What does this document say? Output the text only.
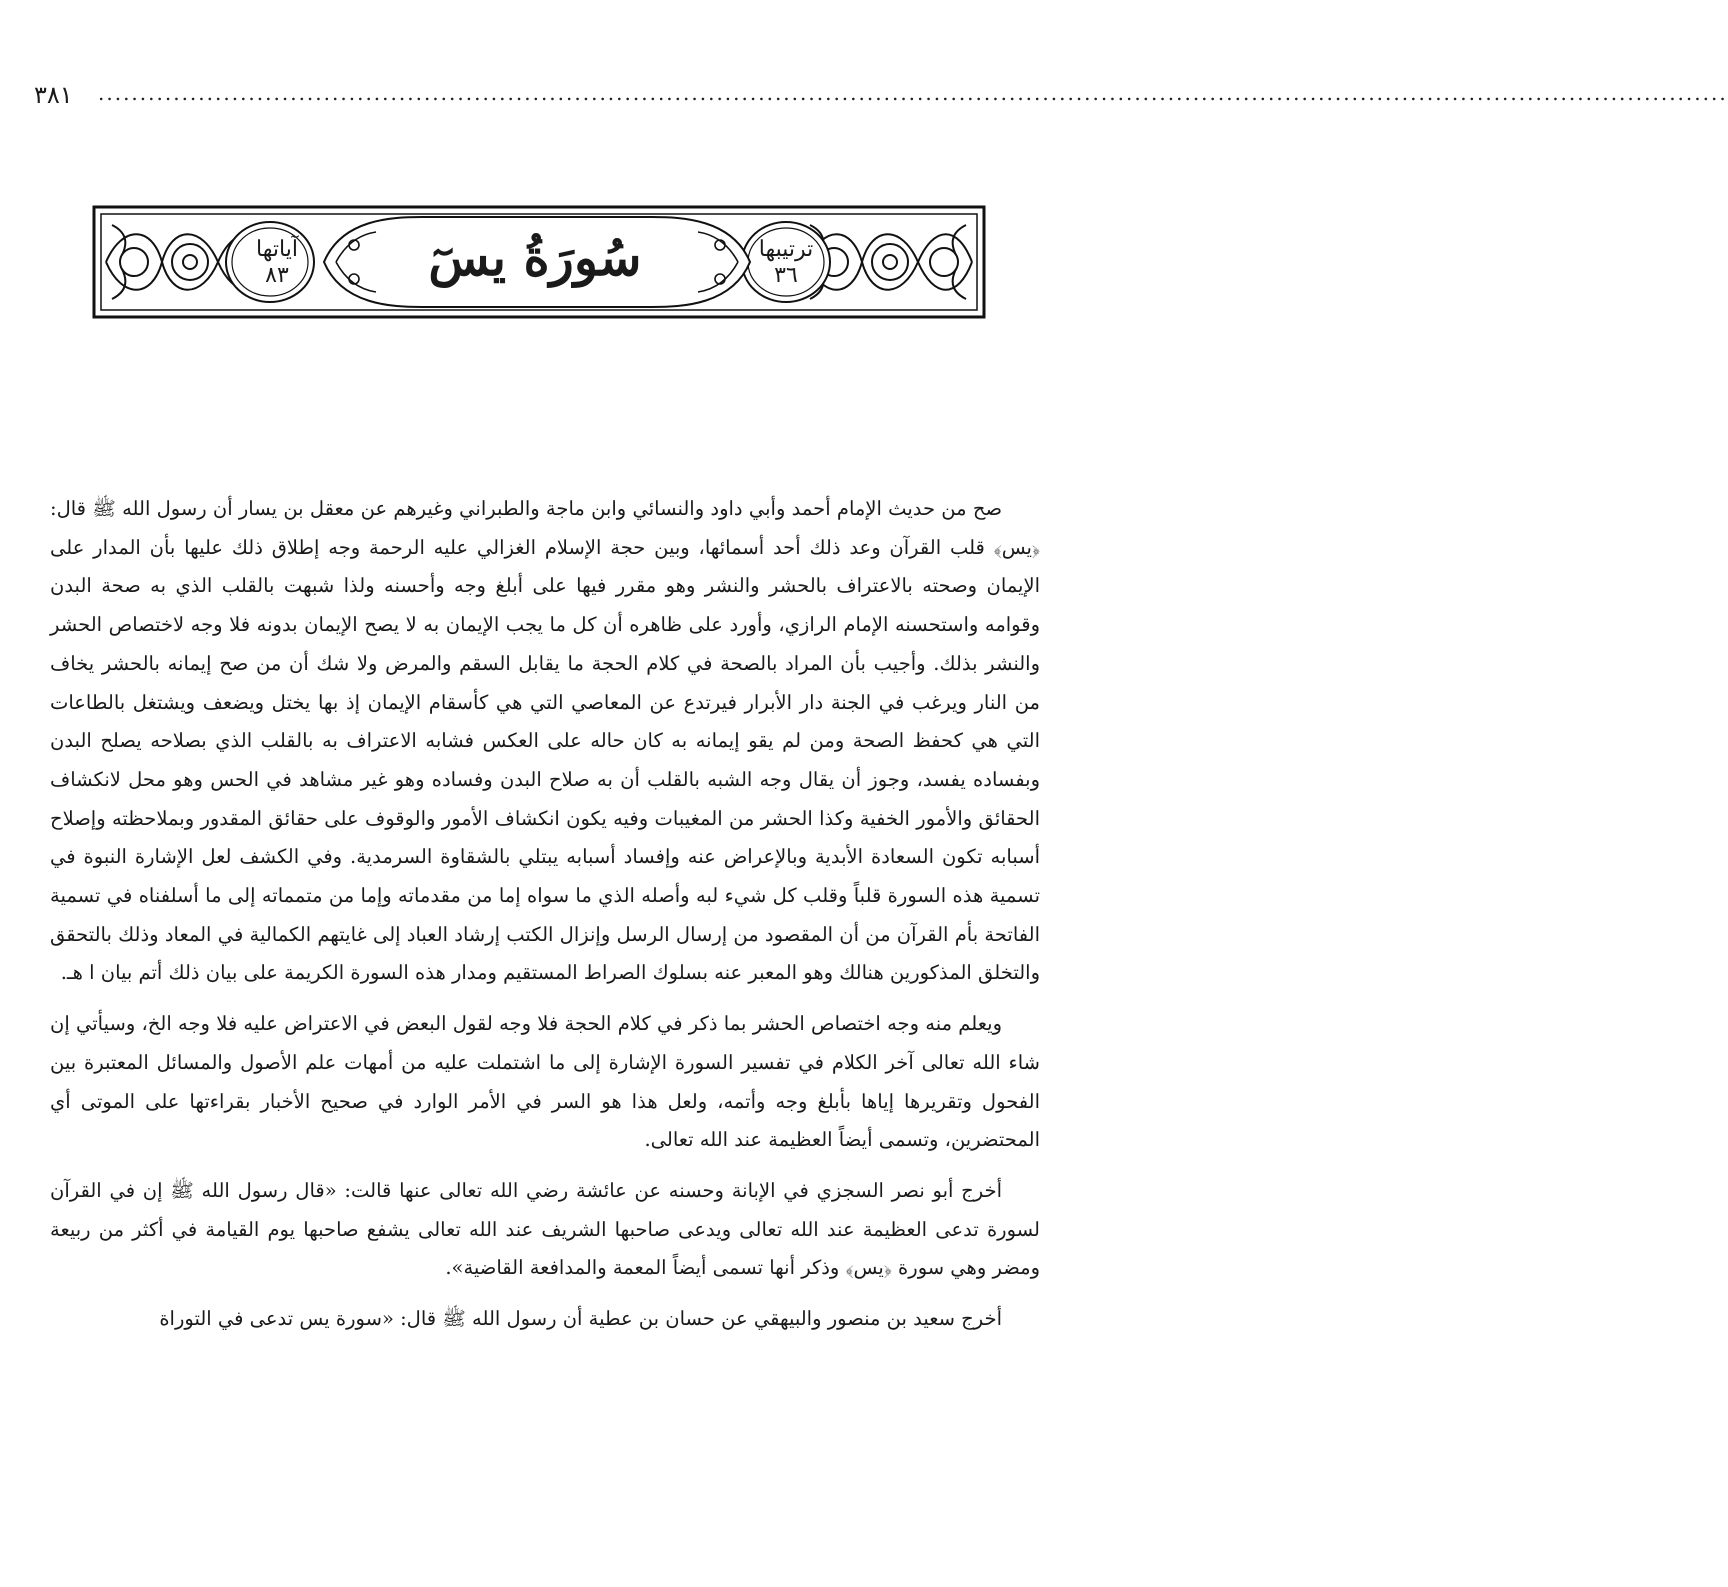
...................................................................................................................................................................................................
٣٨١
آياتها
٨٣
ترتيبها
٣٦
سُورَةُ يسٓ

صح من حديث الإمام أحمد وأبي داود والنسائي وابن ماجة والطبراني وغيرهم عن معقل بن يسار أن رسول الله ﷺ قال: ﴿يس﴾ قلب القرآن وعد ذلك أحد أسمائها، وبين حجة الإسلام الغزالي عليه الرحمة وجه إطلاق ذلك عليها بأن المدار على الإيمان وصحته بالاعتراف بالحشر والنشر وهو مقرر فيها على أبلغ وجه وأحسنه ولذا شبهت بالقلب الذي به صحة البدن وقوامه واستحسنه الإمام الرازي، وأورد على ظاهره أن كل ما يجب الإيمان به لا يصح الإيمان بدونه فلا وجه لاختصاص الحشر والنشر بذلك. وأجيب بأن المراد بالصحة في كلام الحجة ما يقابل السقم والمرض ولا شك أن من صح إيمانه بالحشر يخاف من النار ويرغب في الجنة دار الأبرار فيرتدع عن المعاصي التي هي كأسقام الإيمان إذ بها يختل ويضعف ويشتغل بالطاعات التي هي كحفظ الصحة ومن لم يقو إيمانه به كان حاله على العكس فشابه الاعتراف به بالقلب الذي بصلاحه يصلح البدن وبفساده يفسد، وجوز أن يقال وجه الشبه بالقلب أن به صلاح البدن وفساده وهو غير مشاهد في الحس وهو محل لانكشاف الحقائق والأمور الخفية وكذا الحشر من المغيبات وفيه يكون انكشاف الأمور والوقوف على حقائق المقدور وبملاحظته وإصلاح أسبابه تكون السعادة الأبدية وبالإعراض عنه وإفساد أسبابه يبتلي بالشقاوة السرمدية. وفي الكشف لعل الإشارة النبوة في تسمية هذه السورة قلباً وقلب كل شيء لبه وأصله الذي ما سواه إما من مقدماته وإما من متمماته إلى ما أسلفناه في تسمية الفاتحة بأم القرآن من أن المقصود من إرسال الرسل وإنزال الكتب إرشاد العباد إلى غايتهم الكمالية في المعاد وذلك بالتحقق والتخلق المذكورين هنالك وهو المعبر عنه بسلوك الصراط المستقيم ومدار هذه السورة الكريمة على بيان ذلك أتم بيان ا هـ.

ويعلم منه وجه اختصاص الحشر بما ذكر في كلام الحجة فلا وجه لقول البعض في الاعتراض عليه فلا وجه الخ، وسيأتي إن شاء الله تعالى آخر الكلام في تفسير السورة الإشارة إلى ما اشتملت عليه من أمهات علم الأصول والمسائل المعتبرة بين الفحول وتقريرها إياها بأبلغ وجه وأتمه، ولعل هذا هو السر في الأمر الوارد في صحيح الأخبار بقراءتها على الموتى أي المحتضرين، وتسمى أيضاً العظيمة عند الله تعالى.

أخرج أبو نصر السجزي في الإبانة وحسنه عن عائشة رضي الله تعالى عنها قالت: «قال رسول الله ﷺ إن في القرآن لسورة تدعى العظيمة عند الله تعالى ويدعى صاحبها الشريف عند الله تعالى يشفع صاحبها يوم القيامة في أكثر من ربيعة ومضر وهي سورة ﴿يس﴾ وذكر أنها تسمى أيضاً المعمة والمدافعة القاضية».

أخرج سعيد بن منصور والبيهقي عن حسان بن عطية أن رسول الله ﷺ قال: «سورة يس تدعى في التوراة
